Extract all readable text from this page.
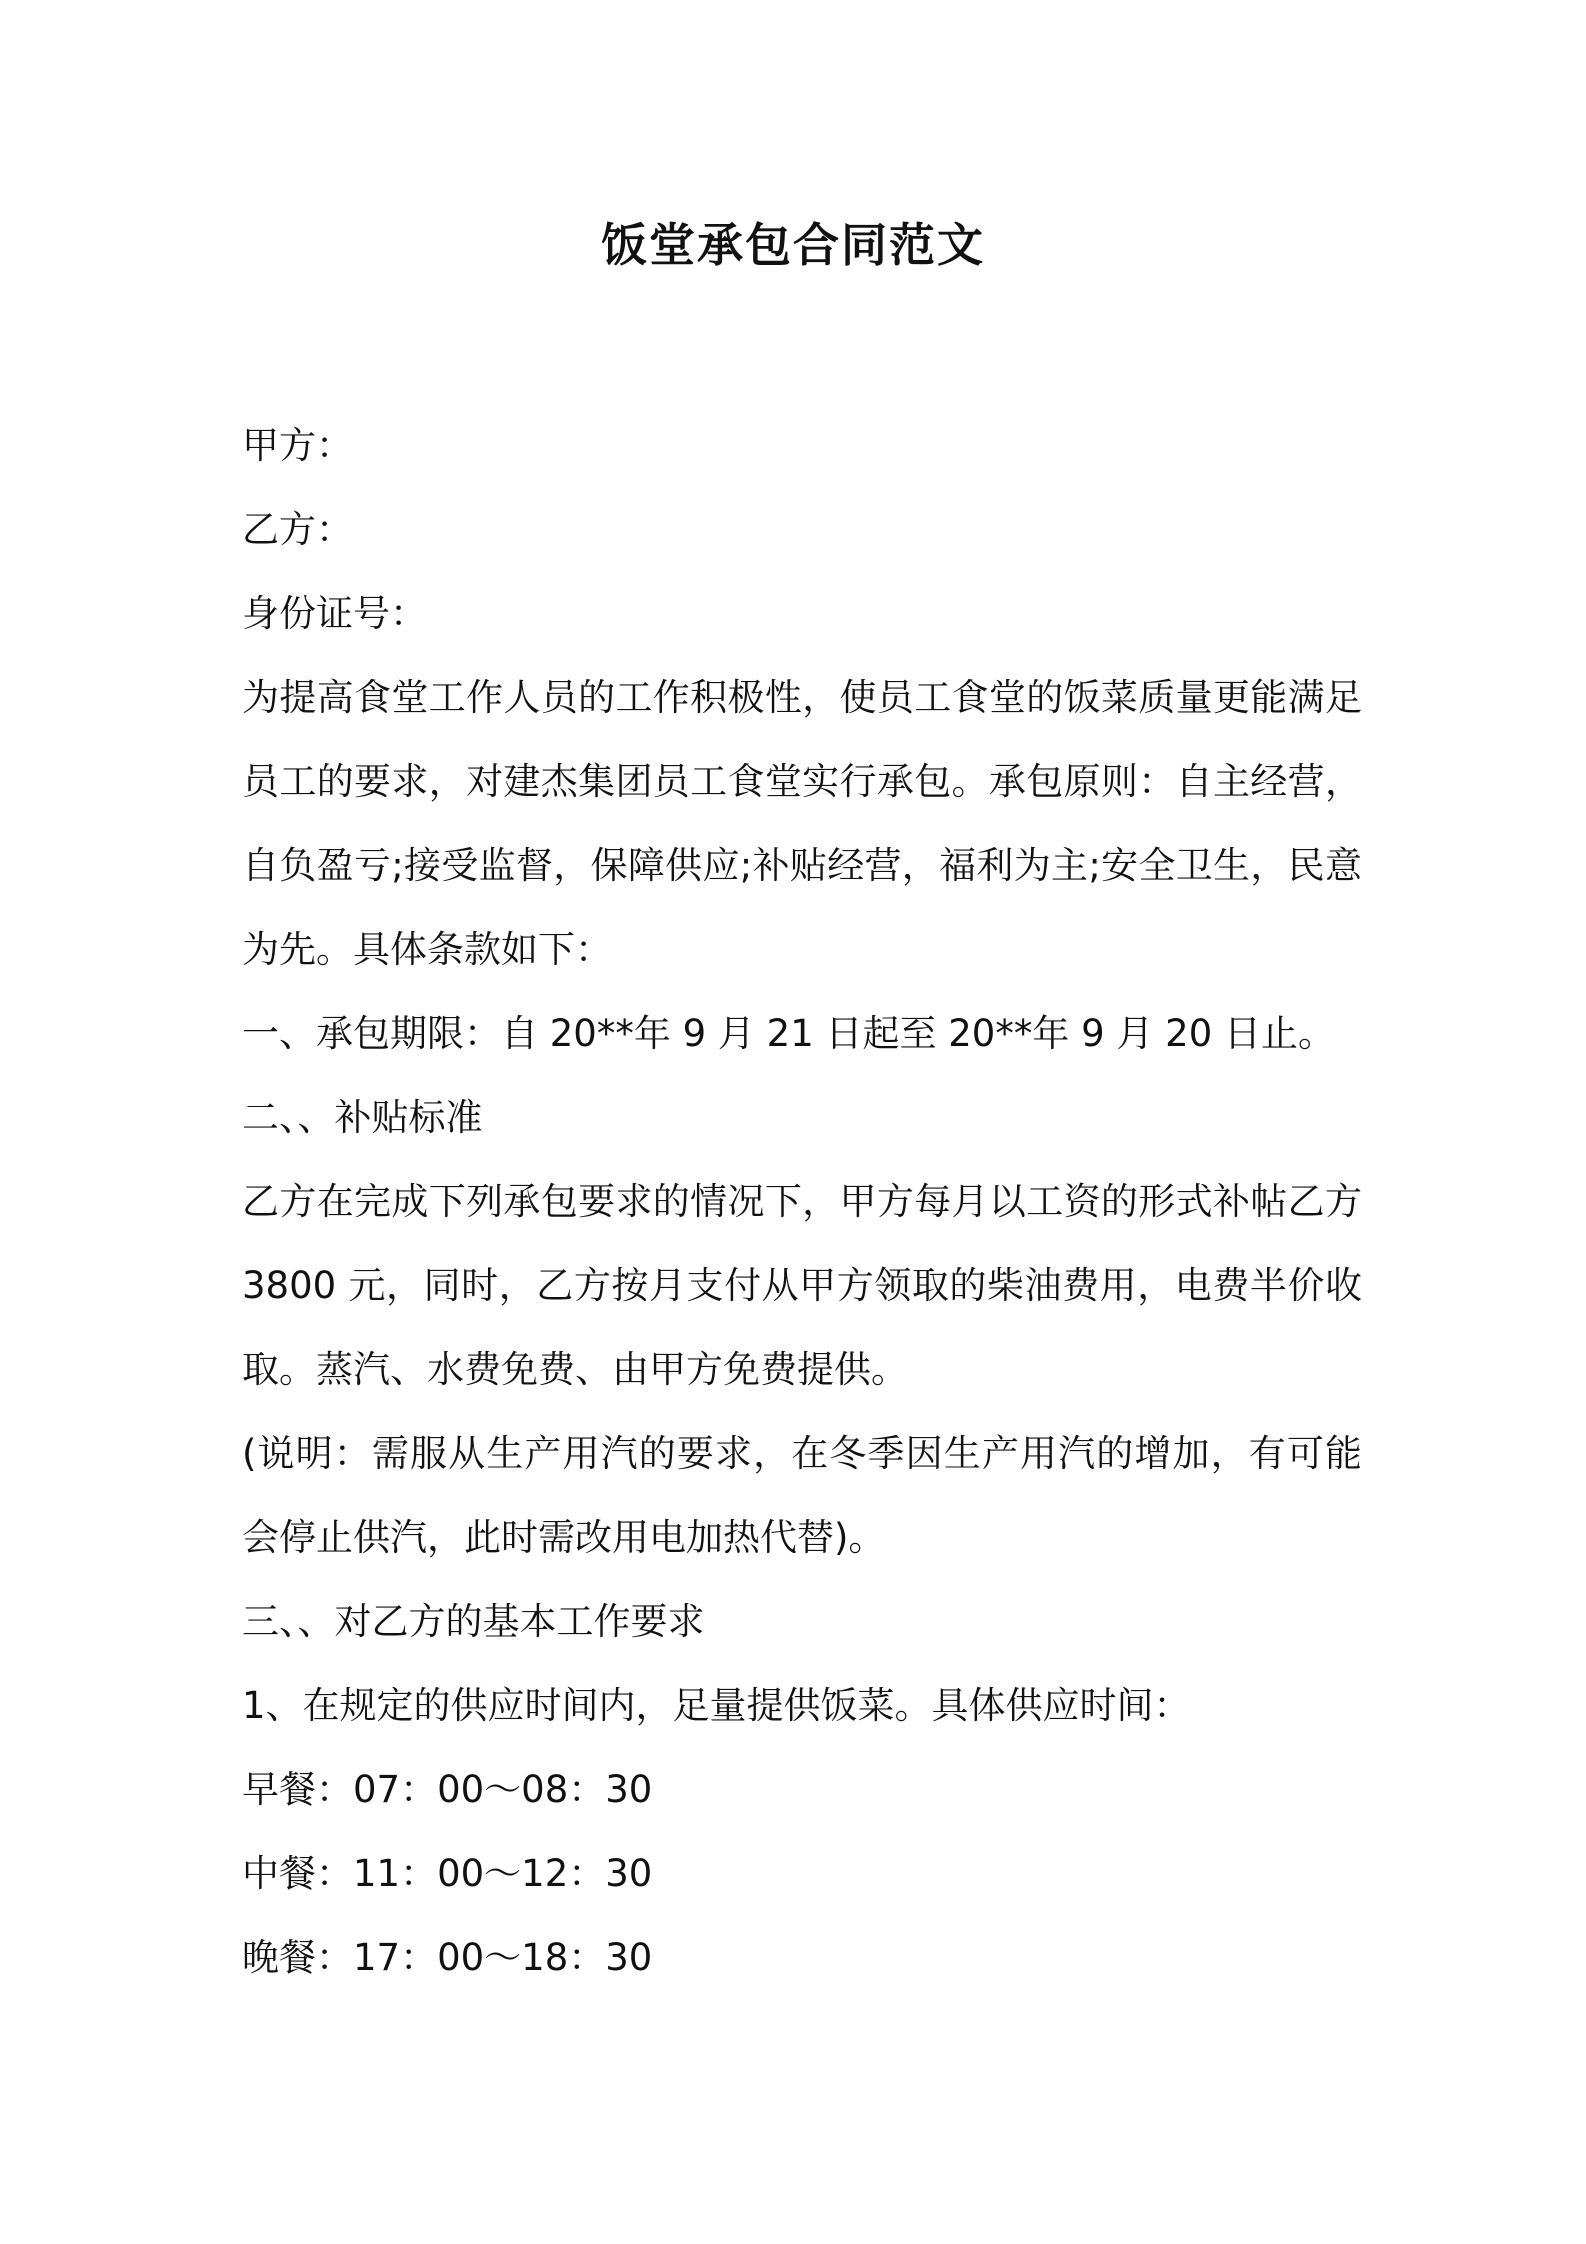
饭堂承包合同范文
甲方：
乙方：
身份证号：
为提高食堂工作人员的工作积极性，使员工食堂的饭菜质量更能满足
员工的要求，对建杰集团员工食堂实行承包。承包原则：自主经营，
自负盈亏;接受监督，保障供应;补贴经营，福利为主;安全卫生，民意
为先。具体条款如下：
一、承包期限：自 20**年 9 月 21 日起至 20**年 9 月 20 日止。
二、、补贴标准
乙方在完成下列承包要求的情况下，甲方每月以工资的形式补帖乙方
3800 元，同时，乙方按月支付从甲方领取的柴油费用，电费半价收
取。蒸汽、水费免费、由甲方免费提供。
(说明：需服从生产用汽的要求，在冬季因生产用汽的增加，有可能
会停止供汽，此时需改用电加热代替)。
三、、对乙方的基本工作要求
1、在规定的供应时间内，足量提供饭菜。具体供应时间：
早餐：07：00～08：30
中餐：11：00～12：30
晚餐：17：00～18：30
